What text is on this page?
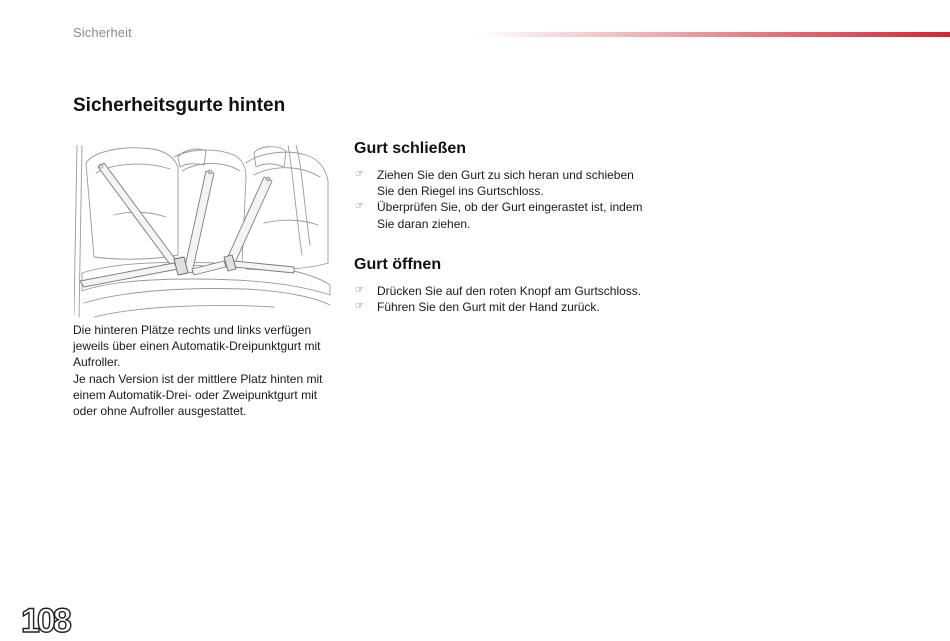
Sicherheit
Sicherheitsgurte hinten

Die hinteren Plätze rechts und links verfügen jeweils über einen Automatik-Dreipunktgurt mit Aufroller.

Je nach Version ist der mittlere Platz hinten mit einem Automatik-Drei- oder Zweipunktgurt mit oder ohne Aufroller ausgestattet.

Gurt schließen
☞ Ziehen Sie den Gurt zu sich heran und schieben Sie den Riegel ins Gurtschloss.
☞ Überprüfen Sie, ob der Gurt eingerastet ist, indem Sie daran ziehen.
Gurt öffnen
☞ Drücken Sie auf den roten Knopf am Gurtschloss.
☞ Führen Sie den Gurt mit der Hand zurück.
108
